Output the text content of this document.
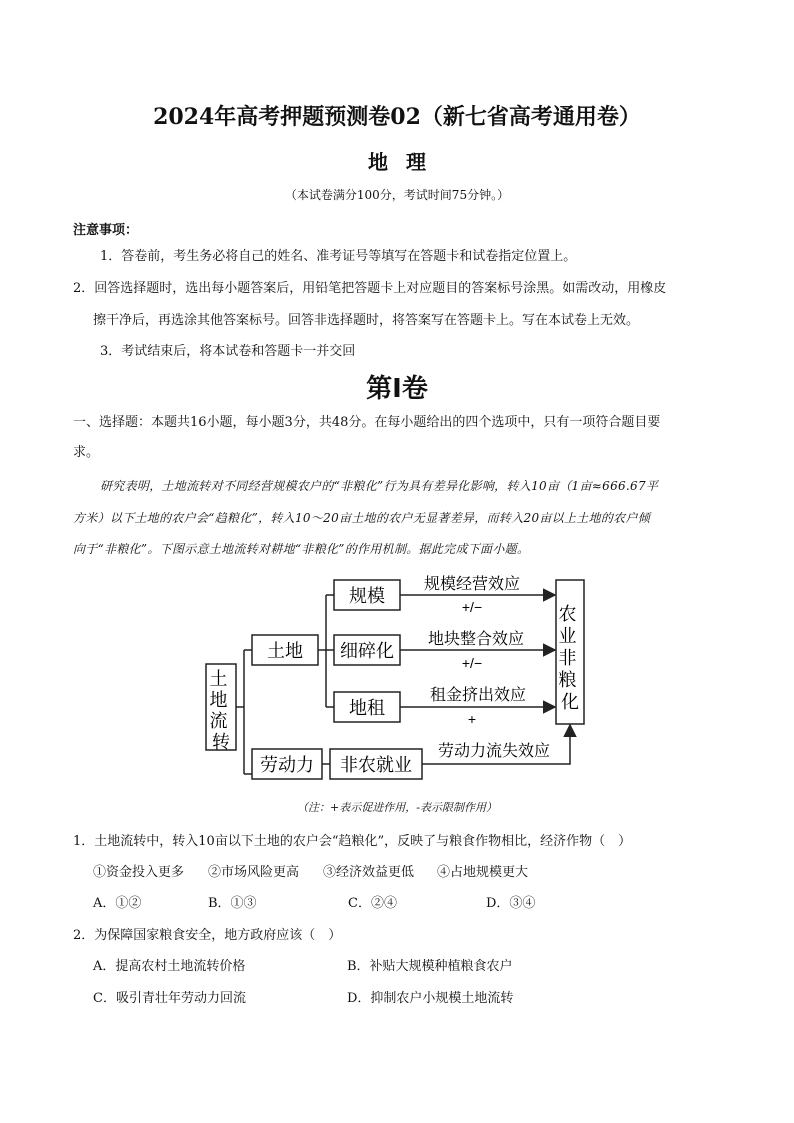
2024年高考押题预测卷02（新七省高考通用卷）
地理
（本试卷满分100分，考试时间75分钟。）
注意事项：
1．答卷前，考生务必将自己的姓名、准考证号等填写在答题卡和试卷指定位置上。
2．回答选择题时，选出每小题答案后，用铅笔把答题卡上对应题目的答案标号涂黑。如需改动，用橡皮
擦干净后，再选涂其他答案标号。回答非选择题时，将答案写在答题卡上。写在本试卷上无效。
3．考试结束后，将本试卷和答题卡一并交回
第Ⅰ卷
一、选择题：本题共16小题，每小题3分，共48分。在每小题给出的四个选项中，只有一项符合题目要
求。
研究表明，土地流转对不同经营规模农户的“非粮化”行为具有差异化影响，转入10亩（1亩≈666.67平
方米）以下土地的农户会“趋粮化”，转入10～20亩土地的农户无显著差异，而转入20亩以上土地的农户倾
向于“非粮化”。下图示意土地流转对耕地“非粮化”的作用机制。据此完成下面小题。
土 地 流 转
土地
劳动力
规模
细碎化
地租
非农就业
农 业 非 粮 化
规模经营效应
+/−
地块整合效应
+/−
租金挤出效应
+
劳动力流失效应
（注：+表示促进作用，-表示限制作用）
1．土地流转中，转入10亩以下土地的农户会“趋粮化”，反映了与粮食作物相比，经济作物（　）
①资金投入更多 ②市场风险更高 ③经济效益更低 ④占地规模更大
A．①②	B．①③	C．②④	D．③④
2．为保障国家粮食安全，地方政府应该（　）
A．提高农村土地流转价格	B．补贴大规模种植粮食农户
C．吸引青壮年劳动力回流	D．抑制农户小规模土地流转
